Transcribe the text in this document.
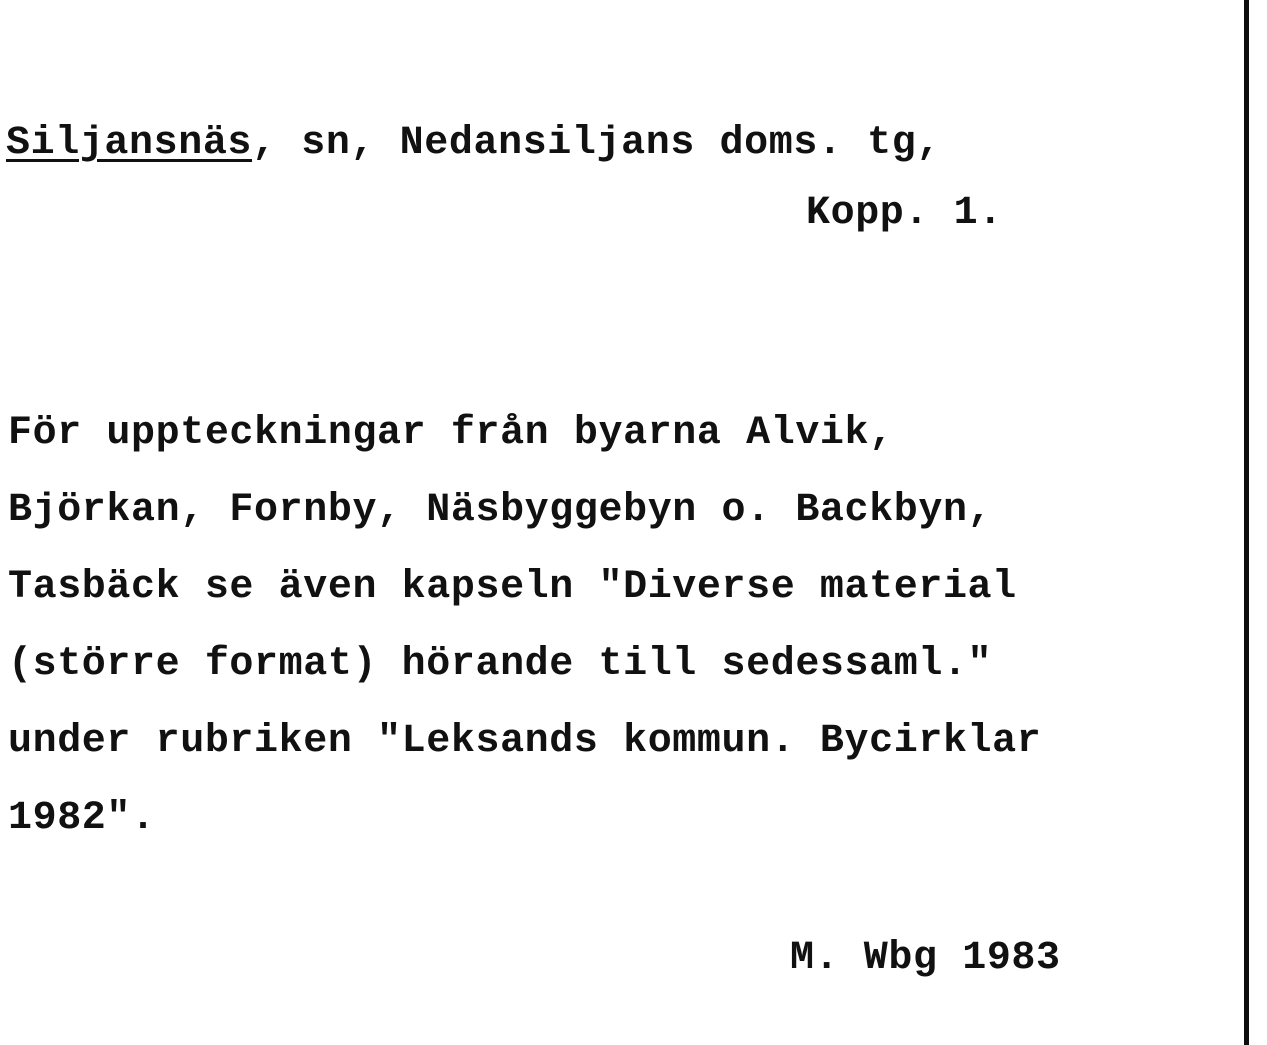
Siljansnäs, sn, Nedansiljans doms. tg,
Kopp. 1.
För uppteckningar från byarna Alvik,
Björkan, Fornby, Näsbyggebyn o. Backbyn,
Tasbäck se även kapseln "Diverse material
(större format) hörande till sedessaml."
under rubriken "Leksands kommun. Bycirklar
1982".
M. Wbg 1983
